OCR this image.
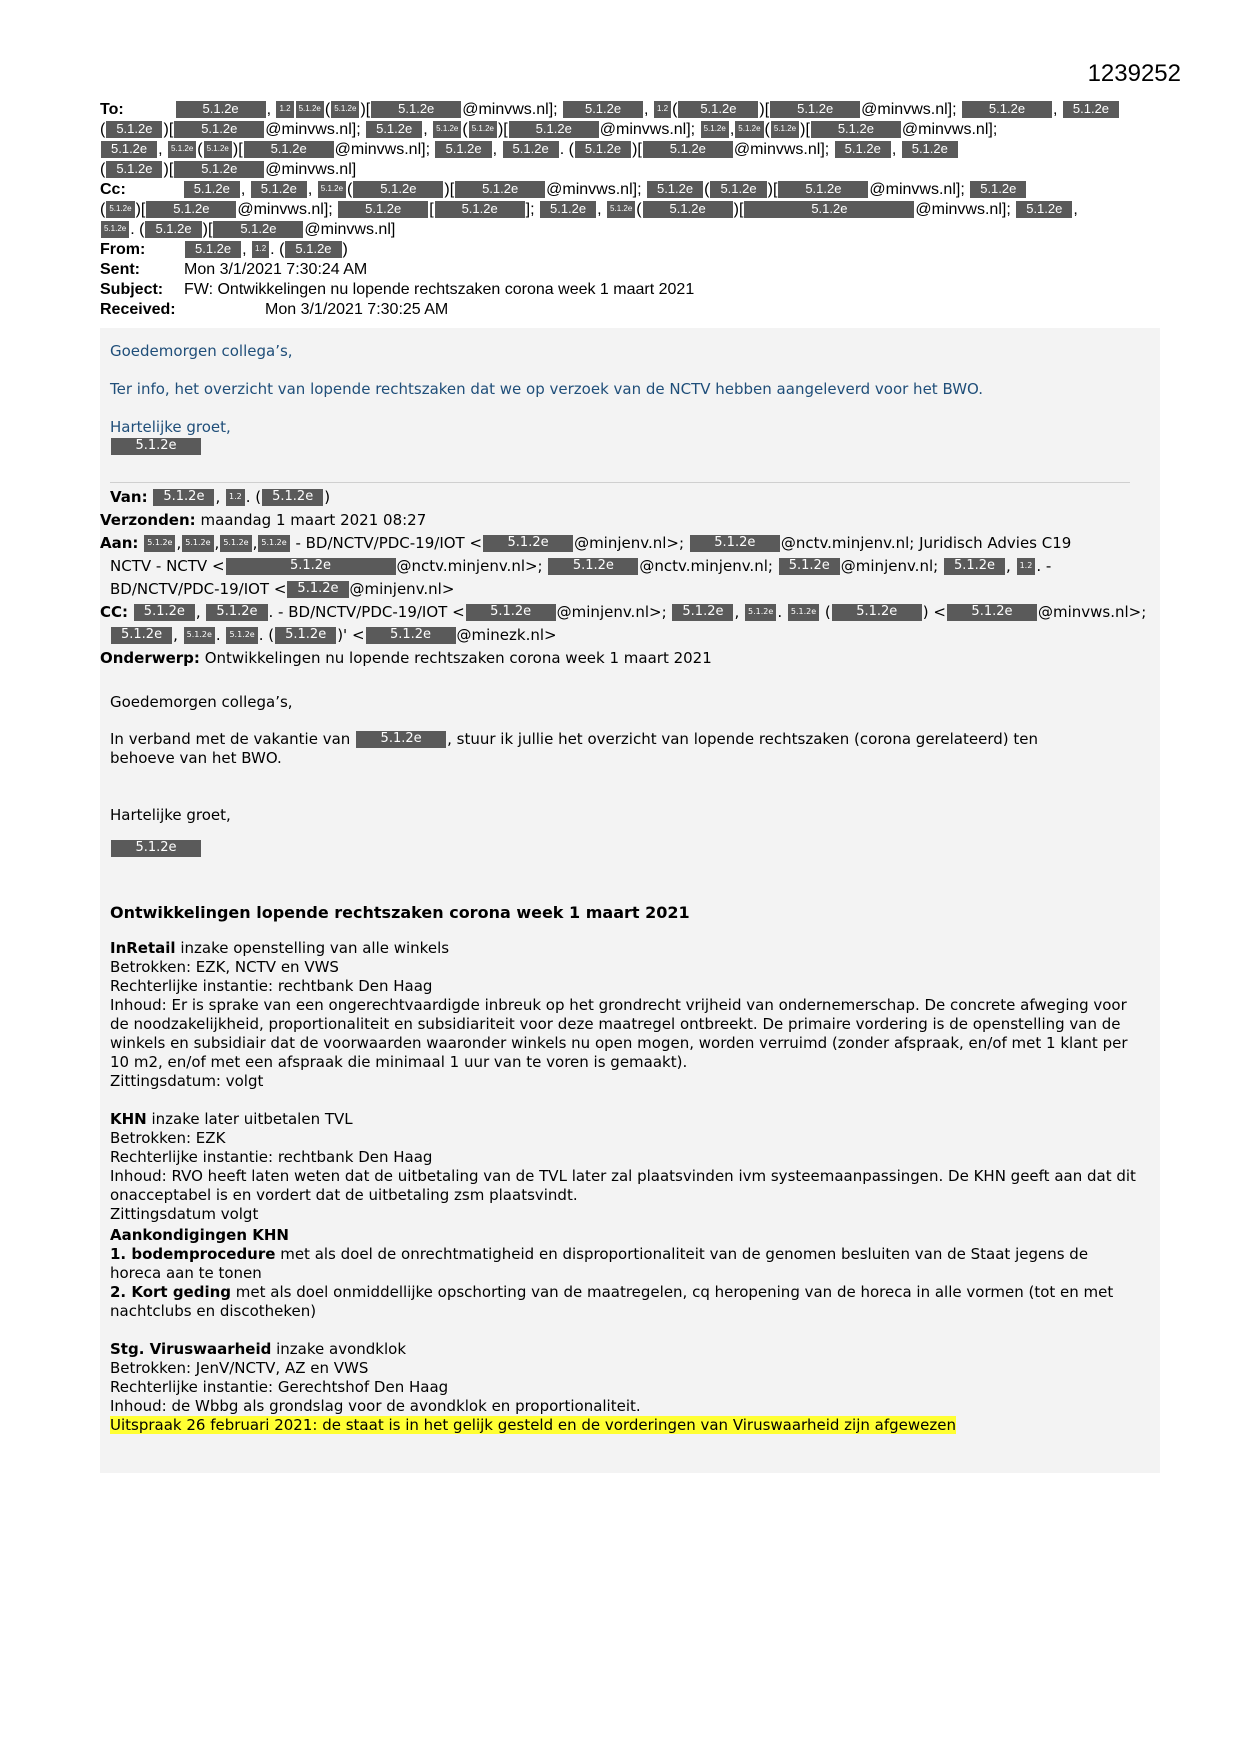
1239252
To:	5.1.2e , 1.2 5.1.2e ( 5.1.2e )[ 5.1.2e @minvws.nl]; 5.1.2e , 1.2 ( 5.1.2e )[ 5.1.2e @minvws.nl]; 5.1.2e , 5.1.2e
( 5.1.2e )[ 5.1.2e @minvws.nl]; 5.1.2e , 5.1.2e ( 5.1.2e )[ 5.1.2e @minvws.nl]; 5.1.2e , 5.1.2e ( 5.1.2e )[ 5.1.2e @minvws.nl];
5.1.2e , 5.1.2e ( 5.1.2e )[ 5.1.2e @minvws.nl]; 5.1.2e , 5.1.2e . ( 5.1.2e )[ 5.1.2e @minvws.nl]; 5.1.2e , 5.1.2e
( 5.1.2e )[ 5.1.2e @minvws.nl]
Cc:	5.1.2e , 5.1.2e , 5.1.2e ( 5.1.2e )[ 5.1.2e @minvws.nl]; 5.1.2e ( 5.1.2e )[ 5.1.2e @minvws.nl]; 5.1.2e
( 5.1.2e )[ 5.1.2e @minvws.nl]; 5.1.2e [ 5.1.2e ]; 5.1.2e , 5.1.2e ( 5.1.2e )[	5.1.2e	@minvws.nl]; 5.1.2e ,
5.1.2e . ( 5.1.2e )[ 5.1.2e @minvws.nl]
From:	5.1.2e , 1.2 . ( 5.1.2e )
Sent:	Mon 3/1/2021 7:30:24 AM
Subject:	FW: Ontwikkelingen nu lopende rechtszaken corona week 1 maart 2021
Received:	Mon 3/1/2021 7:30:25 AM

Goedemorgen collega’s,

Ter info, het overzicht van lopende rechtszaken dat we op verzoek van de NCTV hebben aangeleverd voor het BWO.

Hartelijke groet,

5.1.2e

Van: 5.1.2e , 1.2 . ( 5.1.2e )
Verzonden: maandag 1 maart 2021 08:27
Aan: 5.1.2e , 5.1.2e , 5.1.2e , 5.1.2e - BD/NCTV/PDC-19/IOT < 5.1.2e @minjenv.nl>; 5.1.2e @nctv.minjenv.nl; Juridisch Advies C19
NCTV - NCTV <	5.1.2e	@nctv.minjenv.nl>; 5.1.2e @nctv.minjenv.nl; 5.1.2e @minjenv.nl; 5.1.2e , 1.2 . -
BD/NCTV/PDC-19/IOT < 5.1.2e @minjenv.nl>
CC: 5.1.2e , 5.1.2e . - BD/NCTV/PDC-19/IOT < 5.1.2e @minjenv.nl>; 5.1.2e , 5.1.2e . 5.1.2e ( 5.1.2e ) < 5.1.2e @minvws.nl>;
5.1.2e , 5.1.2e . 5.1.2e . ( 5.1.2e )' < 5.1.2e @minezk.nl>
Onderwerp: Ontwikkelingen nu lopende rechtszaken corona week 1 maart 2021

Goedemorgen collega’s,

In verband met de vakantie van 5.1.2e , stuur ik jullie het overzicht van lopende rechtszaken (corona gerelateerd) ten

behoeve van het BWO.

Hartelijke groet,

5.1.2e

Ontwikkelingen lopende rechtszaken corona week 1 maart 2021

InRetail inzake openstelling van alle winkels

Betrokken: EZK, NCTV en VWS

Rechterlijke instantie: rechtbank Den Haag

Inhoud: Er is sprake van een ongerechtvaardigde inbreuk op het grondrecht vrijheid van ondernemerschap. De concrete afweging voor de noodzakelijkheid, proportionaliteit en subsidiariteit voor deze maatregel ontbreekt. De primaire vordering is de openstelling van de winkels en subsidiair dat de voorwaarden waaronder winkels nu open mogen, worden verruimd (zonder afspraak, en/of met 1 klant per 10 m2, en/of met een afspraak die minimaal 1 uur van te voren is gemaakt).

Zittingsdatum: volgt

KHN inzake later uitbetalen TVL

Betrokken: EZK

Rechterlijke instantie: rechtbank Den Haag

Inhoud: RVO heeft laten weten dat de uitbetaling van de TVL later zal plaatsvinden ivm systeemaanpassingen. De KHN geeft aan dat dit onacceptabel is en vordert dat de uitbetaling zsm plaatsvindt.

Zittingsdatum volgt

Aankondigingen KHN

1. bodemprocedure met als doel de onrechtmatigheid en disproportionaliteit van de genomen besluiten van de Staat jegens de horeca aan te tonen

2. Kort geding met als doel onmiddellijke opschorting van de maatregelen, cq heropening van de horeca in alle vormen (tot en met nachtclubs en discotheken)

Stg. Viruswaarheid inzake avondklok

Betrokken: JenV/NCTV, AZ en VWS

Rechterlijke instantie: Gerechtshof Den Haag

Inhoud: de Wbbg als grondslag voor de avondklok en proportionaliteit.

Uitspraak 26 februari 2021: de staat is in het gelijk gesteld en de vorderingen van Viruswaarheid zijn afgewezen
